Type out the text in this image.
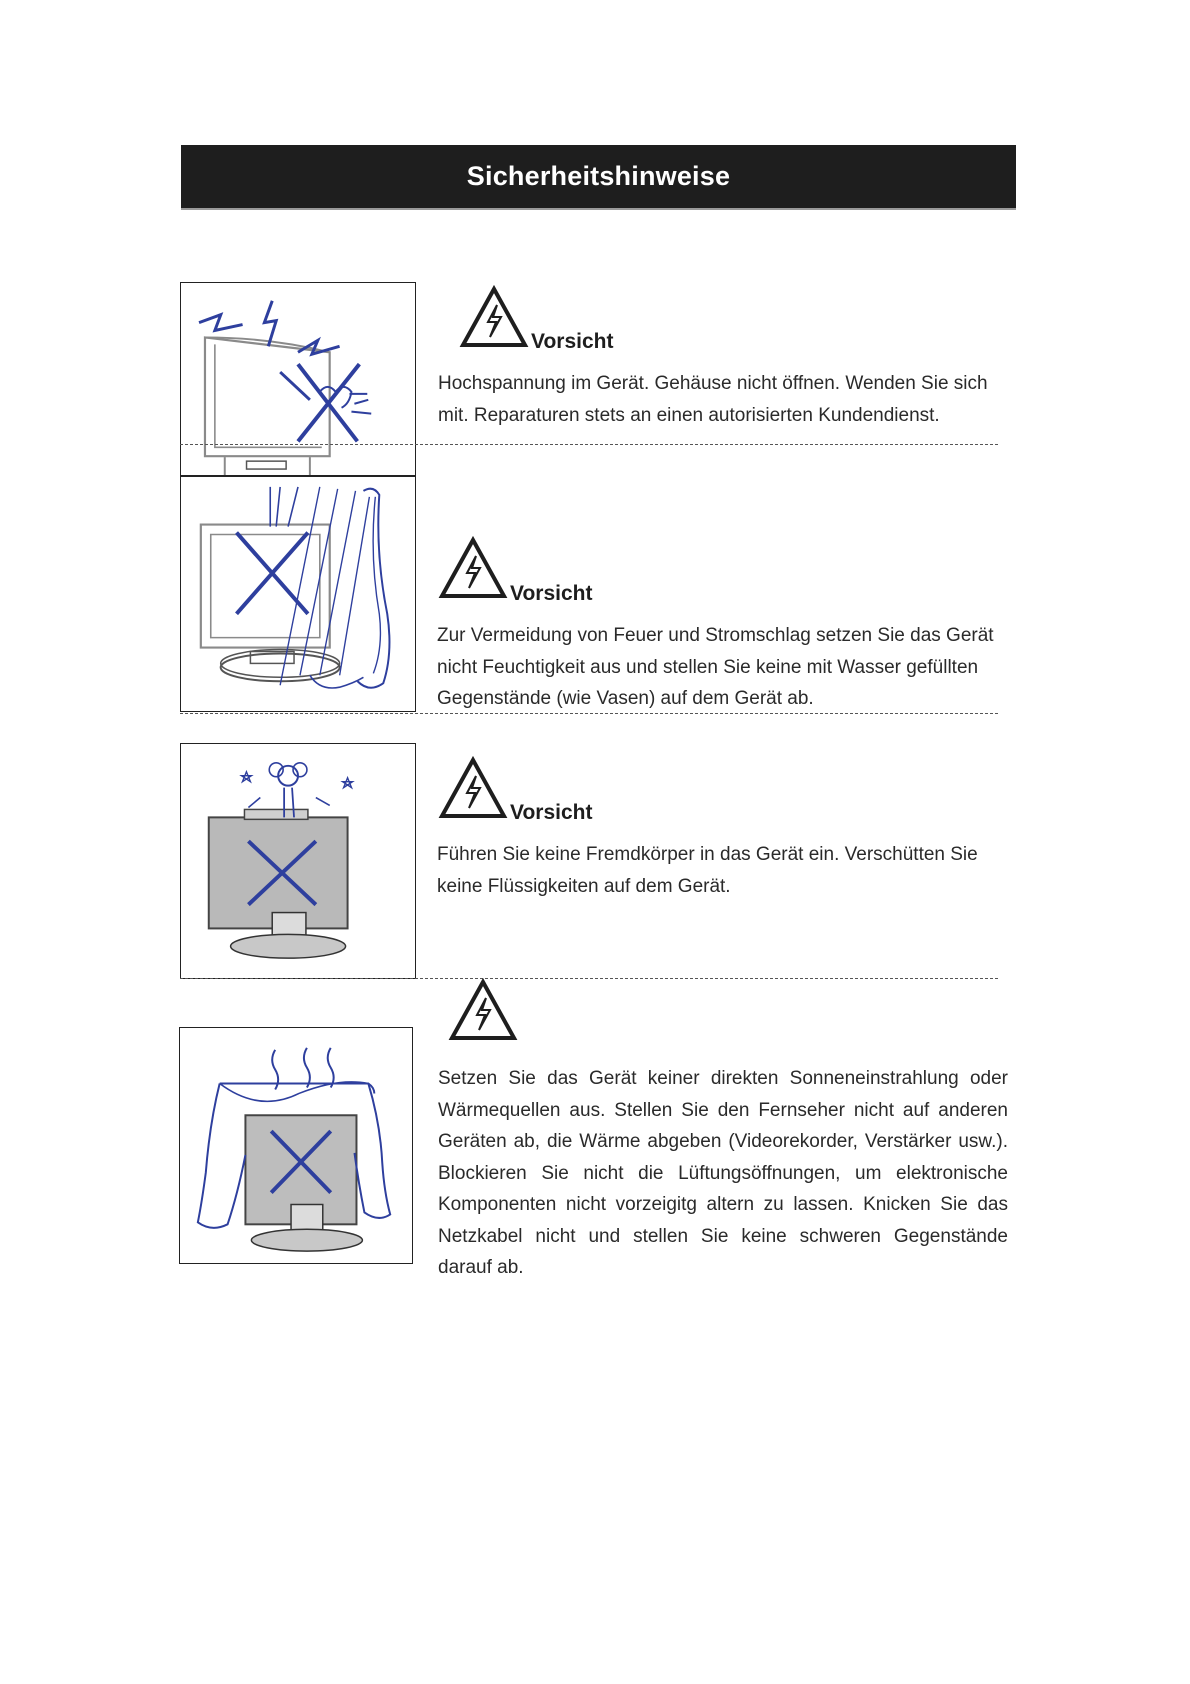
Sicherheitshinweise
Vorsicht

Hochspannung im Gerät. Gehäuse nicht öffnen. Wenden Sie sich mit. Reparaturen stets an einen autorisierten Kundendienst.

Vorsicht

Zur Vermeidung von Feuer und Stromschlag setzen Sie das Gerät nicht Feuchtigkeit aus und stellen Sie keine mit Wasser gefüllten Gegenstände (wie Vasen) auf dem Gerät ab.

Vorsicht

Führen Sie keine Fremdkörper in das Gerät ein. Verschütten Sie keine Flüssigkeiten auf dem Gerät.

Setzen Sie das Gerät keiner direkten Sonneneinstrahlung oder Wärmequellen aus. Stellen Sie den Fernseher nicht auf anderen Geräten ab, die Wärme abgeben (Videorekorder, Verstärker usw.). Blockieren Sie nicht die Lüftungsöffnungen, um elektronische Komponenten nicht vorzeigitg altern zu lassen. Knicken Sie das Netzkabel nicht und stellen Sie keine schweren Gegenstände darauf ab.
